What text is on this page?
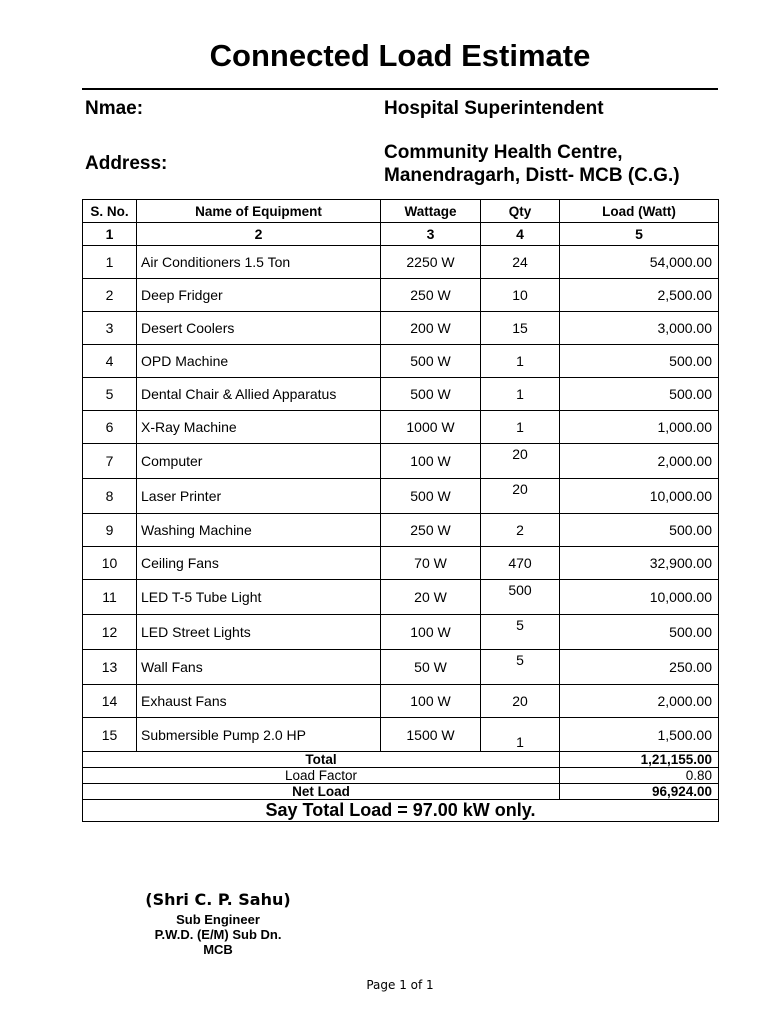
Connected Load Estimate
Nmae:	Hospital Superintendent
Address:
Community Health Centre,
Manendragarh, Distt- MCB (C.G.)
S. No.	Name of Equipment	Wattage	Qty	Load (Watt)
1	2	3	4	5
1	Air Conditioners 1.5 Ton	2250 W	24	54,000.00
2	Deep Fridger	250 W	10	2,500.00
3	Desert Coolers	200 W	15	3,000.00
4	OPD Machine	500 W	1	500.00
5	Dental Chair & Allied Apparatus	500 W	1	500.00
6	X-Ray Machine	1000 W	1	1,000.00
7	Computer	100 W	20	2,000.00
8	Laser Printer	500 W	20	10,000.00
9	Washing Machine	250 W	2	500.00
10	Ceiling Fans	70 W	470	32,900.00
11	LED T-5 Tube Light	20 W	500	10,000.00
12	LED Street Lights	100 W	5	500.00
13	Wall Fans	50 W	5	250.00
14	Exhaust Fans	100 W	20	2,000.00
15	Submersible Pump 2.0 HP	1500 W	1	1,500.00
Total				1,21,155.00
Load Factor				0.80
Net Load				96,924.00
Say Total Load = 97.00 kW only.				
(Shri C. P. Sahu)
Sub Engineer
P.W.D. (E/M) Sub Dn.
MCB
Page 1 of 1
